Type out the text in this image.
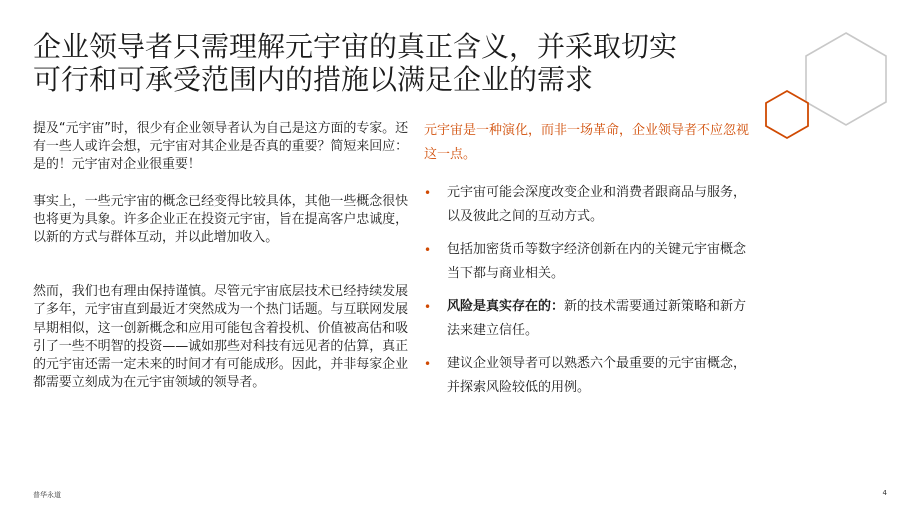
企业领导者只需理解元宇宙的真正含义，并采取切实
可行和可承受范围内的措施以满足企业的需求

提及“元宇宙”时，很少有企业领导者认为自己是这方面的专家。还有一些人或许会想，元宇宙对其企业是否真的重要？简短来回应：是的！元宇宙对企业很重要！

事实上，一些元宇宙的概念已经变得比较具体，其他一些概念很快也将更为具象。许多企业正在投资元宇宙，旨在提高客户忠诚度，以新的方式与群体互动，并以此增加收入。

然而，我们也有理由保持谨慎。尽管元宇宙底层技术已经持续发展了多年，元宇宙直到最近才突然成为一个热门话题。与互联网发展早期相似，这一创新概念和应用可能包含着投机、价值被高估和吸引了一些不明智的投资——诚如那些对科技有远见者的估算，真正的元宇宙还需一定未来的时间才有可能成形。因此，并非每家企业都需要立刻成为在元宇宙领域的领导者。

元宇宙是一种演化，而非一场革命，企业领导者不应忽视这一点。

• 元宇宙可能会深度改变企业和消费者跟商品与服务，以及彼此之间的互动方式。
• 包括加密货币等数字经济创新在内的关键元宇宙概念当下都与商业相关。
• 风险是真实存在的：新的技术需要通过新策略和新方法来建立信任。
• 建议企业领导者可以熟悉六个最重要的元宇宙概念，并探索风险较低的用例。
普华永道	4
